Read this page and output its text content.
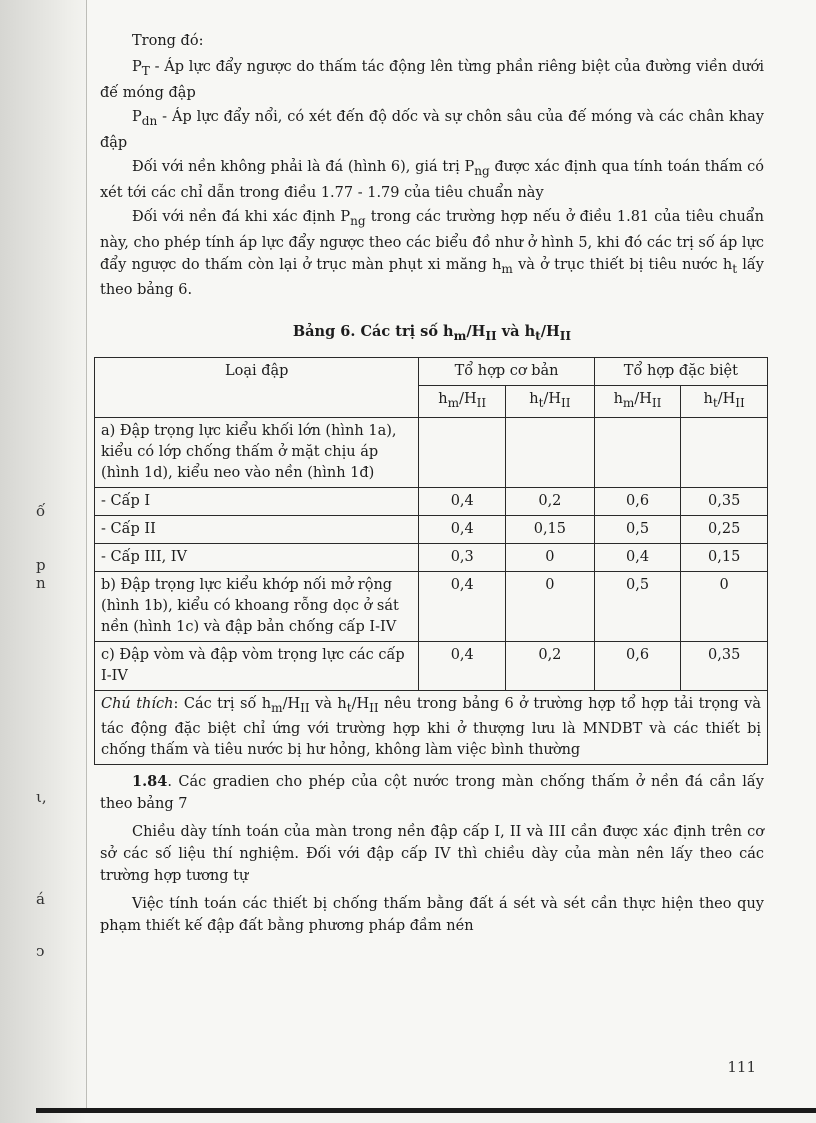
ố
p
n
ι,
á
ↄ

Trong đó:

$P_T$ - Áp lực đẩy ngược do thấm tác động lên từng phần riêng biệt của đường viền dưới đế móng đập

$P_{dn}$ - Áp lực đẩy nổi, có xét đến độ dốc và sự chôn sâu của đế móng và các chân khay đập

Đối với nền không phải là đá (hình 6), giá trị $P_{ng}$ được xác định qua tính toán thấm có xét tới các chỉ dẫn trong điều 1.77 - 1.79 của tiêu chuẩn này

Đối với nền đá khi xác định $P_{ng}$ trong các trường hợp nếu ở điều 1.81 của tiêu chuẩn này, cho phép tính áp lực đẩy ngược theo các biểu đồ như ở hình 5, khi đó các trị số áp lực đẩy ngược do thấm còn lại ở trục màn phụt xi măng $h_m$ và ở trục thiết bị tiêu nước $h_t$ lấy theo bảng 6.

Bảng 6. Các trị số $h_m/H_{II}$ và $h_t/H_{II}$
Loại đập	Tổ hợp cơ bản		Tổ hợp đặc biệt	
	$h_m/H_{II}$	$h_t/H_{II}$	$h_m/H_{II}$	$h_t/H_{II}$
a) Đập trọng lực kiểu khối lớn (hình 1a), kiểu có lớp chống thấm ở mặt chịu áp (hình 1d), kiểu neo vào nền (hình 1đ)				
- Cấp I	0,4	0,2	0,6	0,35
- Cấp II	0,4	0,15	0,5	0,25
- Cấp III, IV	0,3	0	0,4	0,15
b) Đập trọng lực kiểu khớp nối mở rộng (hình 1b), kiểu có khoang rỗng dọc ở sát nền (hình 1c) và đập bản chống cấp I-IV	0,4	0	0,5	0
c) Đập vòm và đập vòm trọng lực các cấp I-IV	0,4	0,2	0,6	0,35
Chú thích: Các trị số $h_m/H_{II}$ và $h_t/H_{II}$ nêu trong bảng 6 ở trường hợp tổ hợp tải trọng và tác động đặc biệt chỉ ứng với trường hợp khi ở thượng lưu là MNDBT và các thiết bị chống thấm và tiêu nước bị hư hỏng, không làm việc bình thường				

1.84. Các gradien cho phép của cột nước trong màn chống thấm ở nền đá cần lấy theo bảng 7

Chiều dày tính toán của màn trong nền đập cấp I, II và III cần được xác định trên cơ sở các số liệu thí nghiệm. Đối với đập cấp IV thì chiều dày của màn nên lấy theo các trường hợp tương tự

Việc tính toán các thiết bị chống thấm bằng đất á sét và sét cần thực hiện theo quy phạm thiết kế đập đất bằng phương pháp đầm nén

111
